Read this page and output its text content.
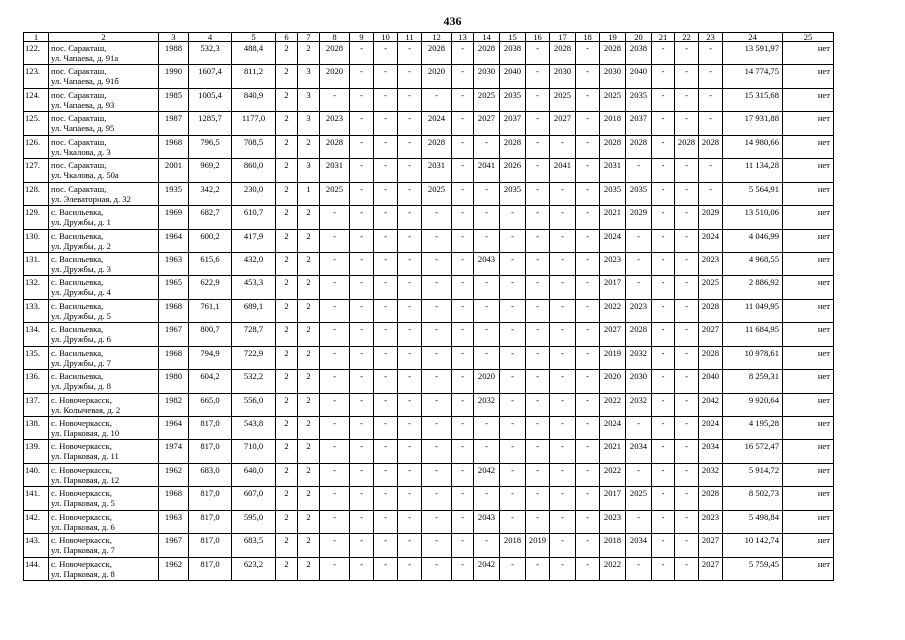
436
1	2	3	4	5	6	7	8	9	10	11	12	13	14	15	16	17	18	19	20	21	22	23	24	25
122.	пос. Саракташ,
ул. Чапаева, д. 91а	1988	532,3	488,4	2	2	2028	-	-	-	2028	-	2028	2038	-	2028	-	2028	2038	-	-	-	13 591,97	нет
123.	пос. Саракташ,
ул. Чапаева, д. 91б	1990	1607,4	811,2	2	3	2020	-	-	-	2020	-	2030	2040	-	2030	-	2030	2040	-	-	-	14 774,75	нет
124.	пос. Саракташ,
ул. Чапаева, д. 93	1985	1005,4	840,9	2	3	-	-	-	-	-	-	2025	2035	-	2025	-	2025	2035	-	-	-	15 315,68	нет
125.	пос. Саракташ,
ул. Чапаева, д. 95	1987	1285,7	1177,0	2	3	2023	-	-	-	2024	-	2027	2037	-	2027	-	2018	2037	-	-	-	17 931,88	нет
126.	пос. Саракташ,
ул. Чкалова, д. 3	1968	796,5	708,5	2	2	2028	-	-	-	2028	-	-	2028	-	-	-	2028	2028	-	2028	2028	14 980,66	нет
127.	пос. Саракташ,
ул. Чкалова, д. 50а	2001	969,2	860,0	2	3	2031	-	-	-	2031	-	2041	2026	-	2041	-	2031	-	-	-	-	11 134,28	нет
128.	пос. Саракташ,
ул. Элеваторная, д. 32	1935	342,2	230,0	2	1	2025	-	-	-	2025	-	-	2035	-	-	-	2035	2035	-	-	-	5 564,91	нет
129.	с. Васильевка,
ул. Дружбы, д. 1	1969	682,7	610,7	2	2	-	-	-	-	-	-	-	-	-	-	-	2021	2029	-	-	2029	13 510,06	нет
130.	с. Васильевка,
ул. Дружбы, д. 2	1964	600,2	417,9	2	2	-	-	-	-	-	-	-	-	-	-	-	2024	-	-	-	2024	4 046,99	нет
131.	с. Васильевка,
ул. Дружбы, д. 3	1963	615,6	432,0	2	2	-	-	-	-	-	-	2043	-	-	-	-	2023	-	-	-	2023	4 968,55	нет
132.	с. Васильевка,
ул. Дружбы, д. 4	1965	622,9	453,3	2	2	-	-	-	-	-	-	-	-	-	-	-	2017	-	-	-	2025	2 886,92	нет
133.	с. Васильевка,
ул. Дружбы, д. 5	1968	761,1	689,1	2	2	-	-	-	-	-	-	-	-	-	-	-	2022	2023	-	-	2028	11 049,95	нет
134.	с. Васильевка,
ул. Дружбы, д. 6	1967	800,7	728,7	2	2	-	-	-	-	-	-	-	-	-	-	-	2027	2028	-	-	2027	11 684,95	нет
135.	с. Васильевка,
ул. Дружбы, д. 7	1968	794,9	722,9	2	2	-	-	-	-	-	-	-	-	-	-	-	2019	2032	-	-	2028	10 978,61	нет
136.	с. Васильевка,
ул. Дружбы, д. 8	1980	604,2	532,2	2	2	-	-	-	-	-	-	2020	-	-	-	-	2020	2030	-	-	2040	8 259,31	нет
137.	с. Новочеркасск,
ул. Колычевая, д. 2	1982	665,0	556,0	2	2	-	-	-	-	-	-	2032	-	-	-	-	2022	2032	-	-	2042	9 920,64	нет
138.	с. Новочеркасск,
ул. Парковая, д. 10	1964	817,0	543,8	2	2	-	-	-	-	-	-	-	-	-	-	-	2024	-	-	-	2024	4 195,28	нет
139.	с. Новочеркасск,
ул. Парковая, д. 11	1974	817,0	710,0	2	2	-	-	-	-	-	-	-	-	-	-	-	2021	2034	-	-	2034	16 572,47	нет
140.	с. Новочеркасск,
ул. Парковая, д. 12	1962	683,0	640,0	2	2	-	-	-	-	-	-	2042	-	-	-	-	2022	-	-	-	2032	5 914,72	нет
141.	с. Новочеркасск,
ул. Парковая, д. 5	1968	817,0	607,0	2	2	-	-	-	-	-	-	-	-	-	-	-	2017	2025	-	-	2028	8 502,73	нет
142.	с. Новочеркасск,
ул. Парковая, д. 6	1963	817,0	595,0	2	2	-	-	-	-	-	-	2043	-	-	-	-	2023	-	-	-	2023	5 498,84	нет
143.	с. Новочеркасск,
ул. Парковая, д. 7	1967	817,0	683,5	2	2	-	-	-	-	-	-	-	2018	2019	-	-	2018	2034	-	-	2027	10 142,74	нет
144.	с. Новочеркасск,
ул. Парковая, д. 8	1962	817,0	623,2	2	2	-	-	-	-	-	-	2042	-	-	-	-	2022	-	-	-	2027	5 759,45	нет
